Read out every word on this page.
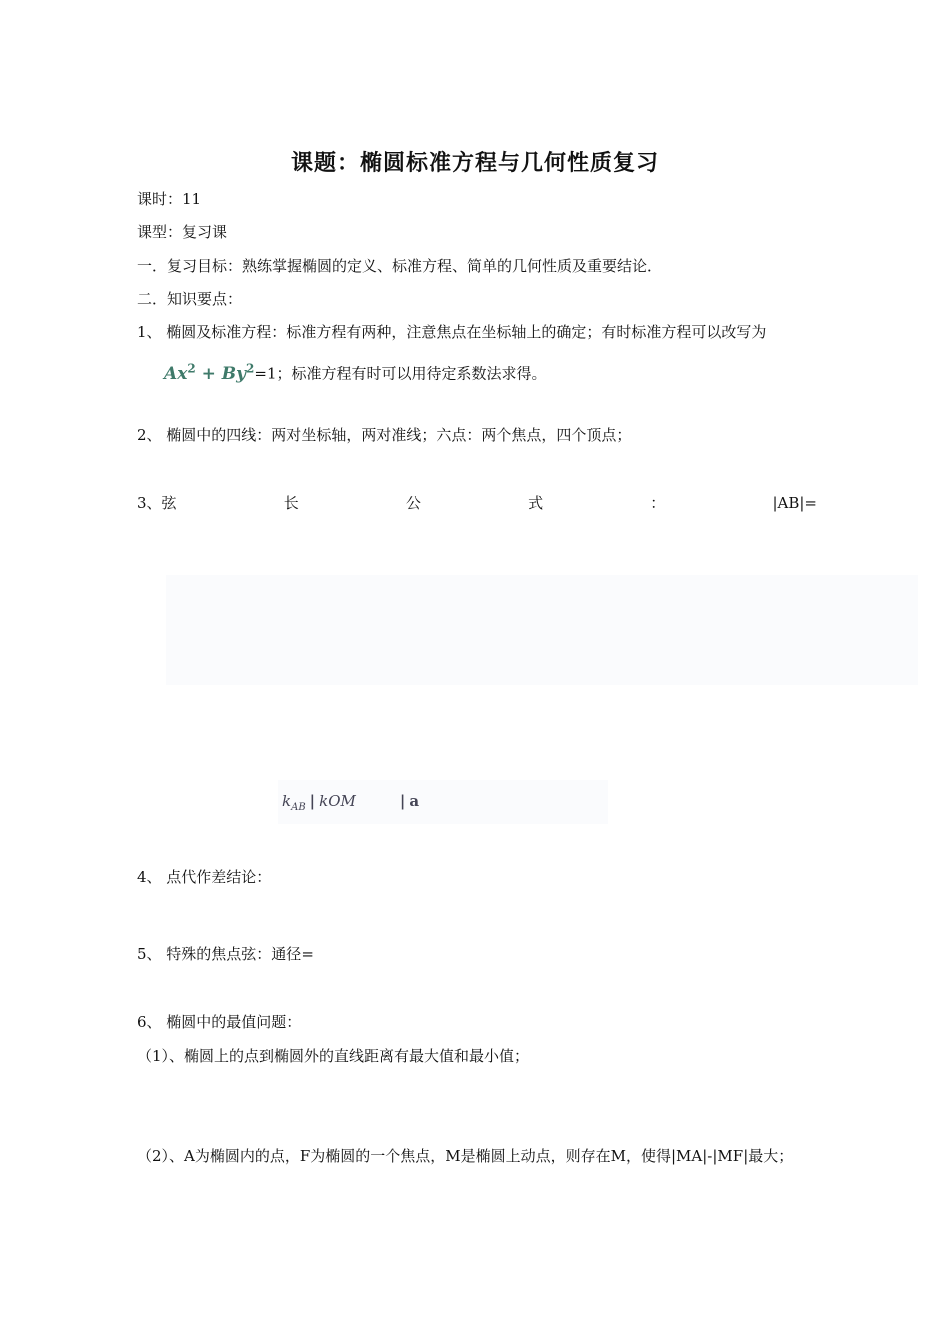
课题：椭圆标准方程与几何性质复习
课时：11
课型：复习课
一．复习目标：熟练掌握椭圆的定义、标准方程、简单的几何性质及重要结论．
二．知识要点：
1、 椭圆及标准方程：标准方程有两种，注意焦点在坐标轴上的确定；有时标准方程可以改写为
$Ax^2 + By^2=1$；标准方程有时可以用待定系数法求得。
2、 椭圆中的四线：两对坐标轴，两对准线；六点：两个焦点，四个顶点；
3、弦	长	公	式	：	|AB|=
$k_{AB}$ | kOM	| a
4、 点代作差结论：
5、 特殊的焦点弦：通径=
6、 椭圆中的最值问题：
（1）、椭圆上的点到椭圆外的直线距离有最大值和最小值；
（2）、A为椭圆内的点，F为椭圆的一个焦点，M是椭圆上动点，则存在M，使得|MA|-|MF|最大；
